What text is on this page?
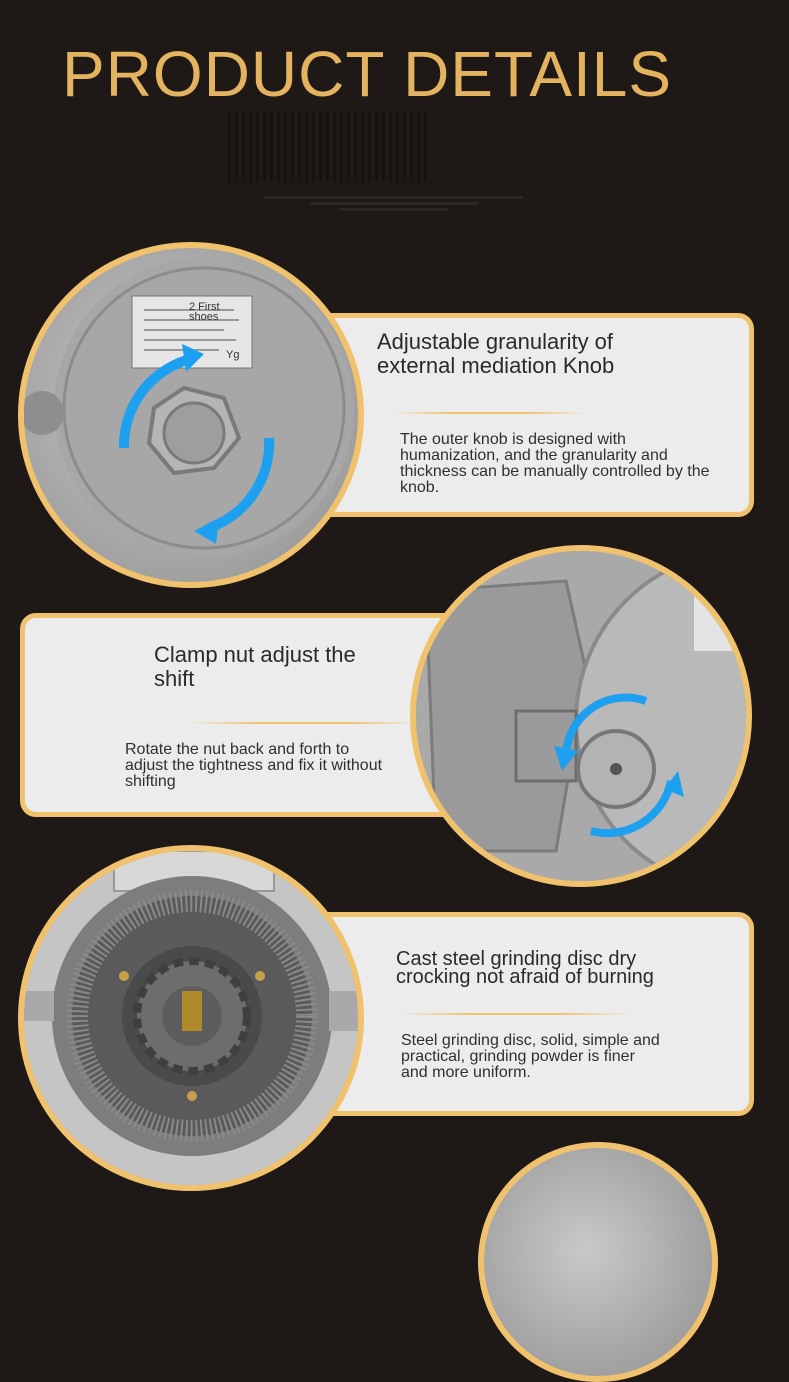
PRODUCT DETAILS
Adjustable granularity of external mediation Knob

The outer knob is designed with humanization, and the granularity and thickness can be manually controlled by the knob.

2 First
shoes
Yg
Clamp nut adjust the shift

Rotate the nut back and forth to adjust the tightness and fix it without shifting

Cast steel grinding disc dry crocking not afraid of burning

Steel grinding disc, solid, simple and practical, grinding powder is finer and more uniform.
